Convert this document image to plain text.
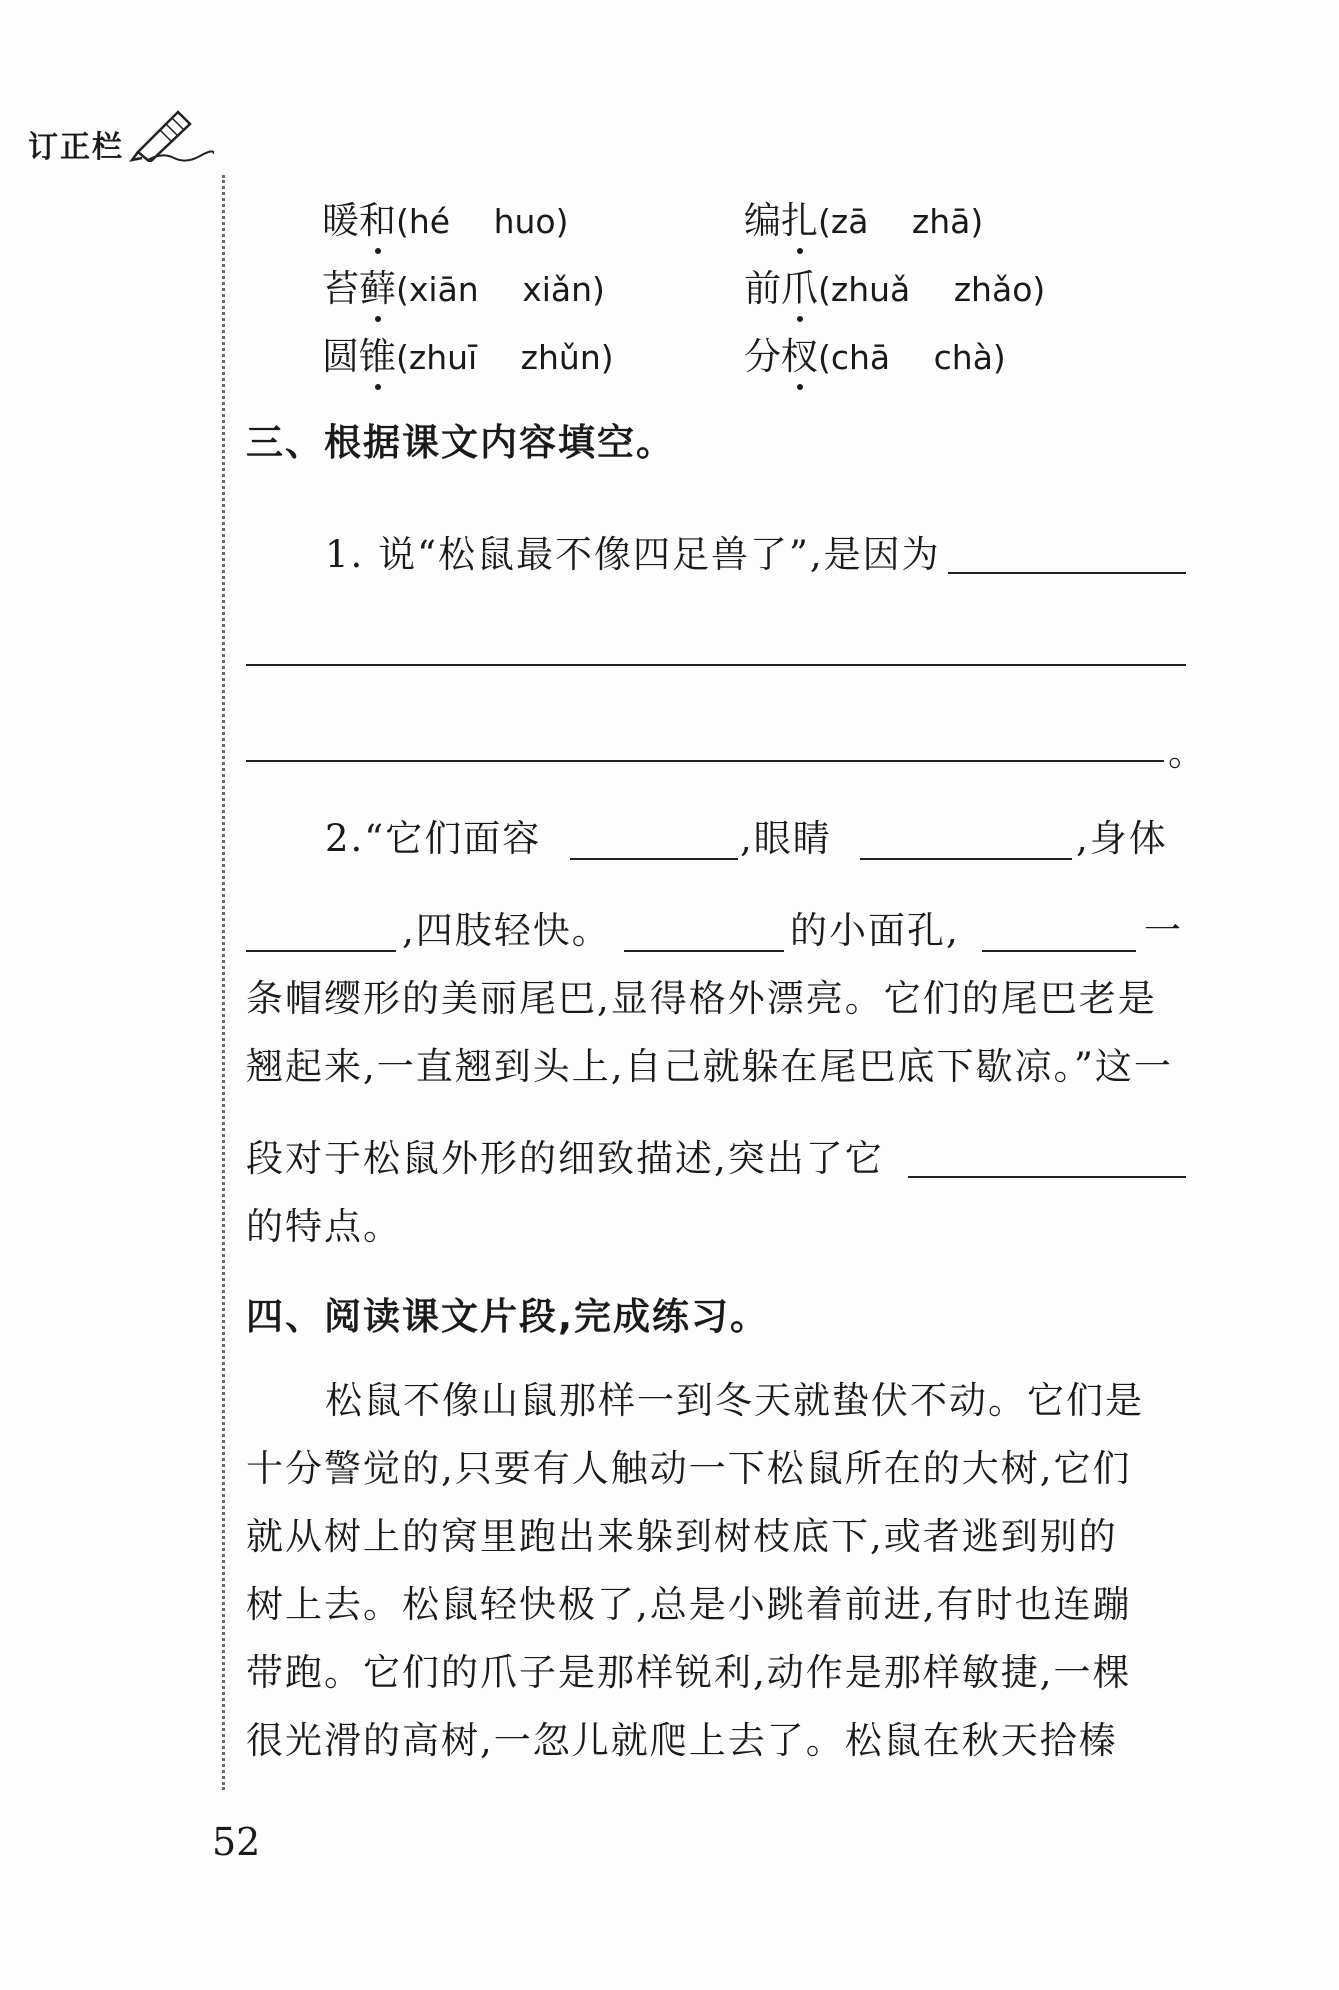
订正栏
暖和(hé　 huo)	编扎(zā　 zhā)
苔藓(xiān　 xiǎn)	前爪(zhuǎ　 zhǎo)
圆锥(zhuī　 zhǔn)	分杈(chā　 chà)
三、根据课文内容填空。
1. 说“松鼠最不像四足兽了”,是因为
。
2.“它们面容	,眼睛	,身体
,四肢轻快。	的小面孔,	一
条帽缨形的美丽尾巴,显得格外漂亮。它们的尾巴老是
翘起来,一直翘到头上,自己就躲在尾巴底下歇凉。”这一
段对于松鼠外形的细致描述,突出了它
的特点。
四、阅读课文片段,完成练习。
松鼠不像山鼠那样一到冬天就蛰伏不动。它们是
十分警觉的,只要有人触动一下松鼠所在的大树,它们
就从树上的窝里跑出来躲到树枝底下,或者逃到别的
树上去。松鼠轻快极了,总是小跳着前进,有时也连蹦
带跑。它们的爪子是那样锐利,动作是那样敏捷,一棵
很光滑的高树,一忽儿就爬上去了。松鼠在秋天拾榛
52
